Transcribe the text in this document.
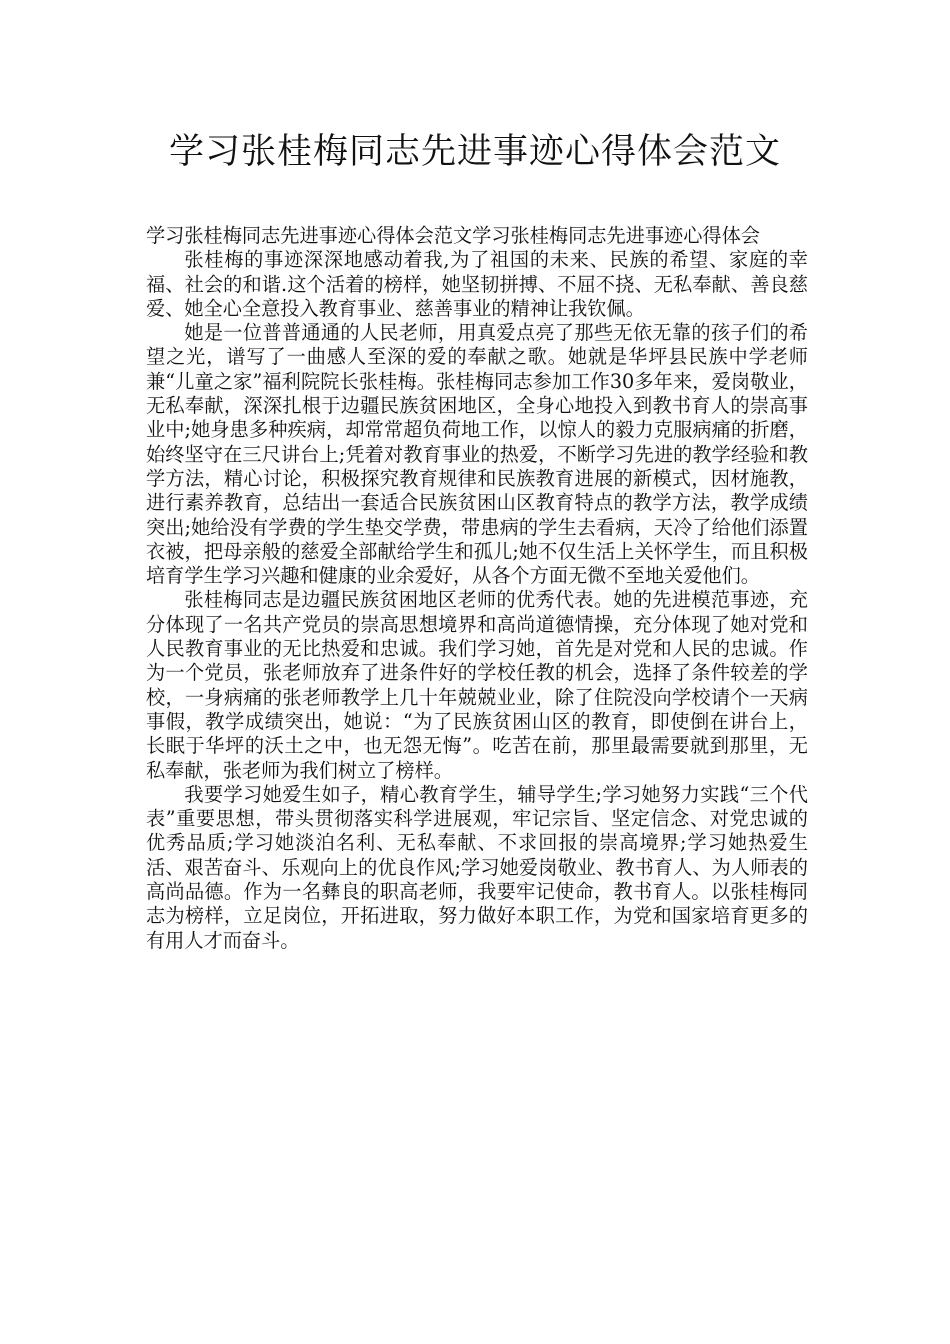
学习张桂梅同志先进事迹心得体会范文

学习张桂梅同志先进事迹心得体会范文学习张桂梅同志先进事迹心得体会

张桂梅的事迹深深地感动着我,为了祖国的未来、民族的希望、家庭的幸福、社会的和谐.这个活着的榜样，她坚韧拼搏、不屈不挠、无私奉献、善良慈爱、她全心全意投入教育事业、慈善事业的精神让我钦佩。

她是一位普普通通的人民老师，用真爱点亮了那些无依无靠的孩子们的希望之光，谱写了一曲感人至深的爱的奉献之歌。她就是华坪县民族中学老师兼“儿童之家”福利院院长张桂梅。张桂梅同志参加工作30多年来，爱岗敬业，无私奉献，深深扎根于边疆民族贫困地区，全身心地投入到教书育人的崇高事业中;她身患多种疾病，却常常超负荷地工作，以惊人的毅力克服病痛的折磨，始终坚守在三尺讲台上;凭着对教育事业的热爱，不断学习先进的教学经验和教学方法，精心讨论，积极探究教育规律和民族教育进展的新模式，因材施教，进行素养教育，总结出一套适合民族贫困山区教育特点的教学方法，教学成绩突出;她给没有学费的学生垫交学费，带患病的学生去看病，天冷了给他们添置衣被，把母亲般的慈爱全部献给学生和孤儿;她不仅生活上关怀学生，而且积极培育学生学习兴趣和健康的业余爱好，从各个方面无微不至地关爱他们。

张桂梅同志是边疆民族贫困地区老师的优秀代表。她的先进模范事迹，充分体现了一名共产党员的崇高思想境界和高尚道德情操，充分体现了她对党和人民教育事业的无比热爱和忠诚。我们学习她，首先是对党和人民的忠诚。作为一个党员，张老师放弃了进条件好的学校任教的机会，选择了条件较差的学校，一身病痛的张老师教学上几十年兢兢业业，除了住院没向学校请个一天病事假，教学成绩突出，她说：“为了民族贫困山区的教育，即使倒在讲台上，长眠于华坪的沃土之中，也无怨无悔”。吃苦在前，那里最需要就到那里，无私奉献，张老师为我们树立了榜样。

我要学习她爱生如子，精心教育学生，辅导学生;学习她努力实践“三个代表”重要思想，带头贯彻落实科学进展观，牢记宗旨、坚定信念、对党忠诚的优秀品质;学习她淡泊名利、无私奉献、不求回报的崇高境界;学习她热爱生活、艰苦奋斗、乐观向上的优良作风;学习她爱岗敬业、教书育人、为人师表的高尚品德。作为一名彝良的职高老师，我要牢记使命，教书育人。以张桂梅同志为榜样，立足岗位，开拓进取，努力做好本职工作，为党和国家培育更多的有用人才而奋斗。
